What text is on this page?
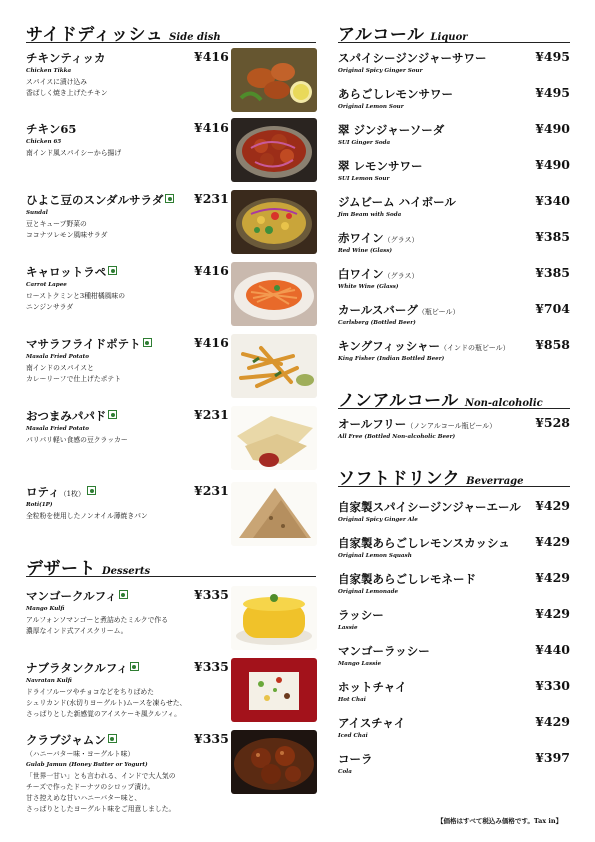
サイドディッシュ Side dish
チキンティッカ
Chicken Tikka
スパイスに漬け込み
香ばしく焼き上げたチキン
¥416
チキン65
Chicken 65
南インド風スパイシーから揚げ
¥416
ひよこ豆のスンダルサラダ
Sundal
豆とキューブ野菜の
ココナツレモン風味サラダ
¥231
キャロットラペ
Carrot Lapee
ローストクミンと3種柑橘風味の
ニンジンサラダ
¥416
マサラフライドポテト
Masala Fried Potato
南インドのスパイスと
カレーリーフで仕上げたポテト
¥416
おつまみパパド
Masala Fried Potato
パリパリ軽い食感の豆クラッカー
¥231
ロティ（1枚）
Roti(1P)
全粒粉を使用したノンオイル薄焼きパン
¥231
デザート Desserts
マンゴークルフィ
Mango Kulfi
アルフォンソマンゴーと煮詰めたミルクで作る
濃厚なインド式アイスクリーム。
¥335
ナブラタンクルフィ
Navratan Kulfi
ドライフルーツやチョコなどをちりばめた
シュリカンド(水切りヨーグルト)ムースを凍らせた、
さっぱりとした新感覚のアイスケーキ風クルフィ。
¥335
クラブジャムン
（ハニーバター味・ヨーグルト味）
Gulab Jamun (Honey Butter or Yogurt)
「世界一甘い」とも言われる、インドで大人気の
チーズで作ったドーナツのシロップ漬け。
甘さ控えめな甘いハニーバター味と、
さっぱりとしたヨーグルト味をご用意しました。
¥335
アルコール Liquor
スパイシージンジャーサワー
Original Spicy Ginger Sour
¥495
あらごしレモンサワー
Original Lemon Sour
¥495
翠 ジンジャーソーダ
SUI Ginger Soda
¥490
翠 レモンサワー
SUI Lemon Sour
¥490
ジムビーム ハイボール
Jim Beam with Soda
¥340
赤ワイン（グラス）
Red Wine (Glass)
¥385
白ワイン（グラス）
White Wine (Glass)
¥385
カールスバーグ（瓶ビール）
Carlsberg (Bottled Beer)
¥704
キングフィッシャー（インドの瓶ビール）
King Fisher (Indian Bottled Beer)
¥858
ノンアルコール Non-alcoholic
オールフリー（ノンアルコール瓶ビール）
All Free (Bottled Non-alcoholic Beer)
¥528
ソフトドリンク Beverrage
自家製スパイシージンジャーエール
Original Spicy Ginger Ale
¥429
自家製あらごしレモンスカッシュ
Original Lemon Squash
¥429
自家製あらごしレモネード
Original Lemonade
¥429
ラッシー
Lassie
¥429
マンゴーラッシー
Mango Lassie
¥440
ホットチャイ
Hot Chai
¥330
アイスチャイ
Iced Chai
¥429
コーラ
Cola
¥397
【価格はすべて税込み価格です。Tax in】
